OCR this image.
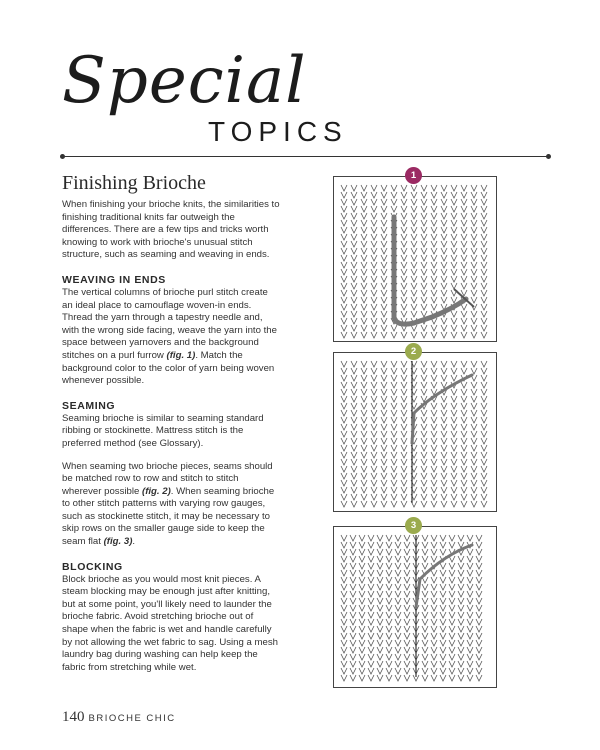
Special
TOPICS
Finishing Brioche

When finishing your brioche knits, the similarities to finishing traditional knits far outweigh the differences. There are a few tips and tricks worth knowing to work with brioche's unusual stitch structure, such as seaming and weaving in ends.

WEAVING IN ENDS

The vertical columns of brioche purl stitch create an ideal place to camouflage woven-in ends. Thread the yarn through a tapestry needle and, with the wrong side facing, weave the yarn into the space between yarnovers and the background stitches on a purl furrow (fig. 1). Match the background color to the color of yarn being woven whenever possible.

SEAMING

Seaming brioche is similar to seaming standard ribbing or stockinette. Mattress stitch is the preferred method (see Glossary).

When seaming two brioche pieces, seams should be matched row to row and stitch to stitch wherever possible (fig. 2). When seaming brioche to other stitch patterns with varying row gauges, such as stockinette stitch, it may be necessary to skip rows on the smaller gauge side to keep the seam flat (fig. 3).

BLOCKING

Block brioche as you would most knit pieces. A steam blocking may be enough just after knitting, but at some point, you'll likely need to launder the brioche fabric. Avoid stretching brioche out of shape when the fabric is wet and handle carefully by not allowing the wet fabric to sag. Using a mesh laundry bag during washing can help keep the fabric from stretching while wet.

1
2
3
140 BRIOCHE CHIC
